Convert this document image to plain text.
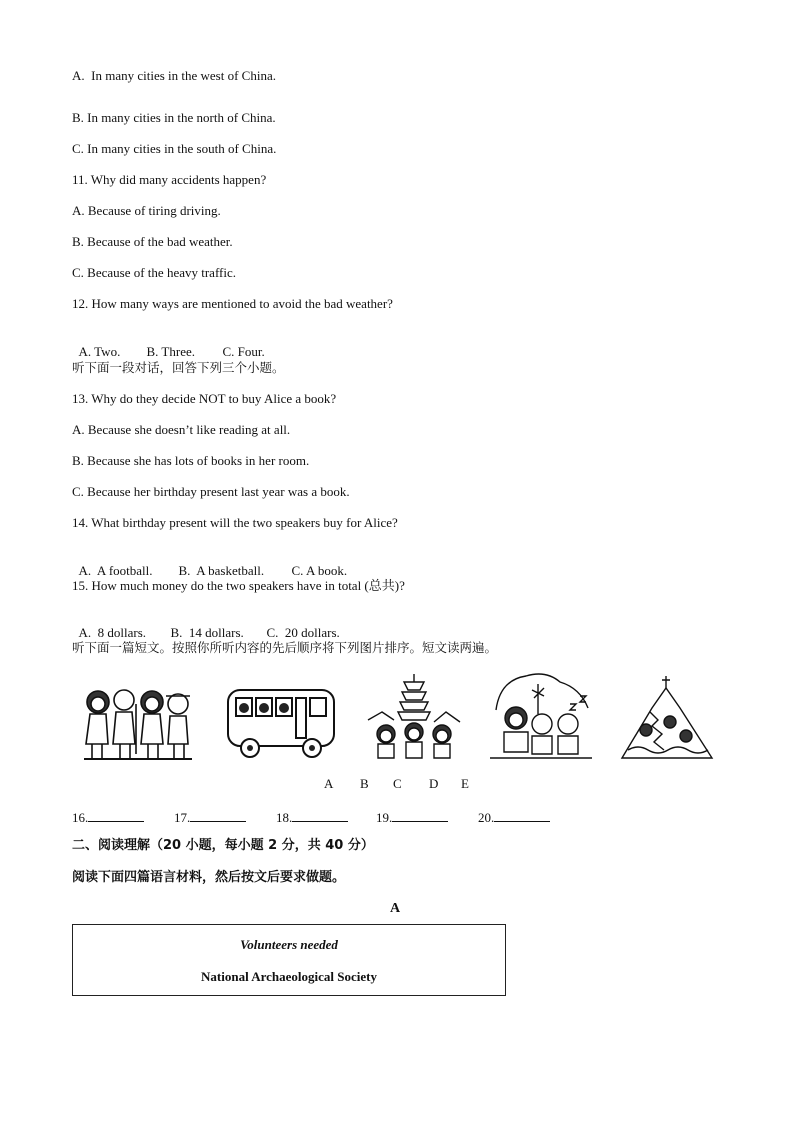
A.  In many cities in the west of China.
B. In many cities in the north of China.
C. In many cities in the south of China.
11. Why did many accidents happen?
A. Because of tiring driving.
B. Because of the bad weather.
C. Because of the heavy traffic.
12. How many ways are mentioned to avoid the bad weather?

A. Two. B. Three. C. Four.

听下面一段对话，回答下列三个小题。
13. Why do they decide NOT to buy Alice a book?
A. Because she doesn’t like reading at all.
B. Because she has lots of books in her room.
C. Because her birthday present last year was a book.
14. What birthday present will the two speakers buy for Alice?

A.  A football. B.  A basketball. C. A book.

15. How much money do the two speakers have in total (总共)?

A.  8 dollars. B.  14 dollars. C.  20 dollars.

听下面一篇短文。按照你所听内容的先后顺序将下列图片排序。短文读两遍。
A B C D E
16.	17.	18.	19.	20.
二、阅读理解（20 小题，每小题 2 分，共 40 分）
阅读下面四篇语言材料，然后按文后要求做题。
A
Volunteers needed
National Archaeological Society
